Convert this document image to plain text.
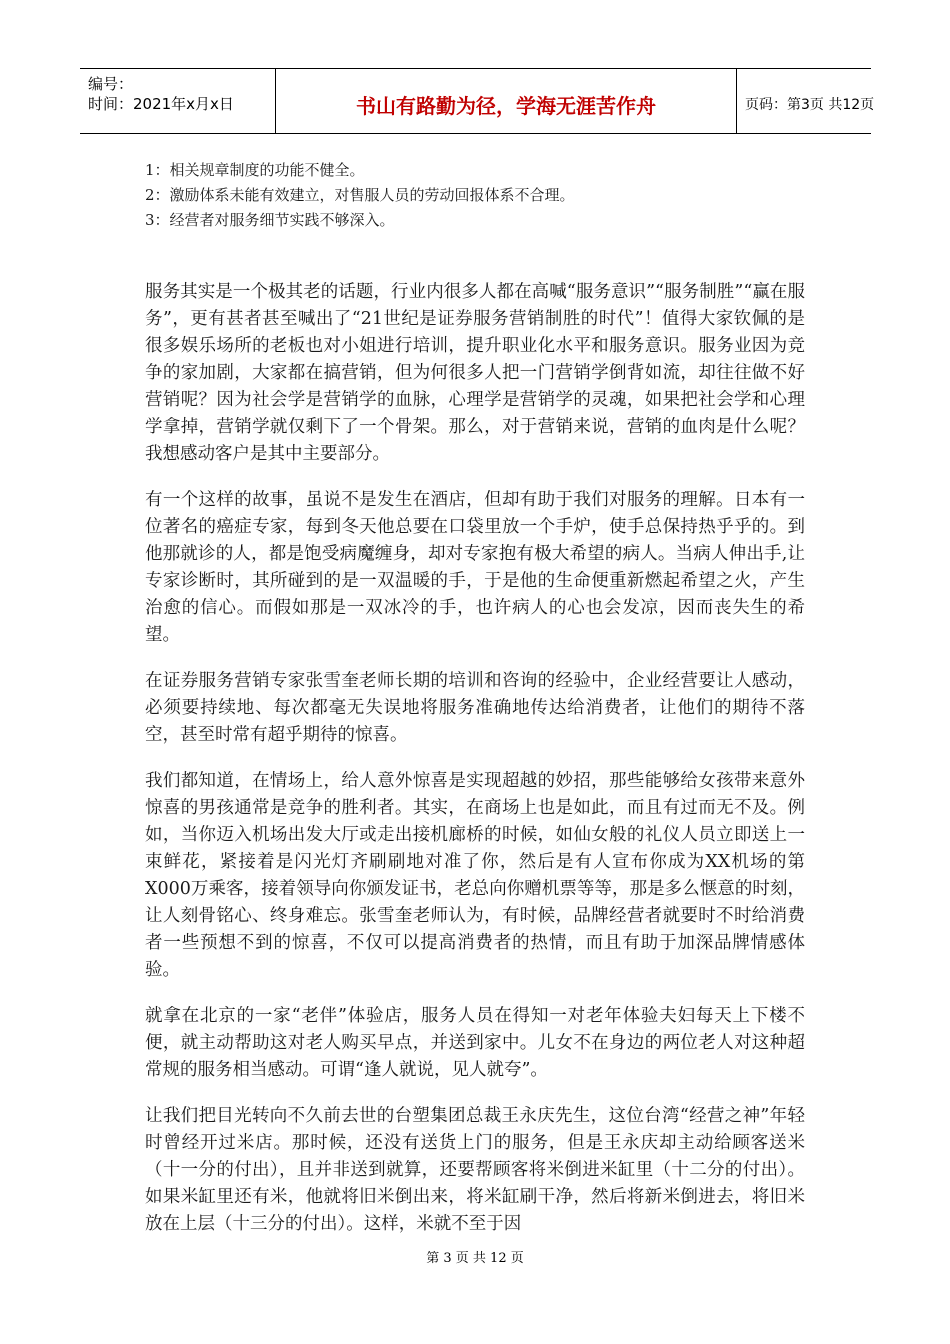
编号：
时间：2021年x月x日	书山有路勤为径，学海无涯苦作舟	页码：第3页 共12页
1：相关规章制度的功能不健全。
2：激励体系未能有效建立，对售服人员的劳动回报体系不合理。
3：经营者对服务细节实践不够深入。

服务其实是一个极其老的话题，行业内很多人都在高喊“服务意识”“服务制胜”“赢在服务”，更有甚者甚至喊出了“21世纪是证券服务营销制胜的时代”！值得大家钦佩的是很多娱乐场所的老板也对小姐进行培训，提升职业化水平和服务意识。服务业因为竞争的家加剧，大家都在搞营销，但为何很多人把一门营销学倒背如流，却往往做不好营销呢？因为社会学是营销学的血脉，心理学是营销学的灵魂，如果把社会学和心理学拿掉，营销学就仅剩下了一个骨架。那么，对于营销来说，营销的血肉是什么呢？我想感动客户是其中主要部分。

有一个这样的故事，虽说不是发生在酒店，但却有助于我们对服务的理解。日本有一位著名的癌症专家，每到冬天他总要在口袋里放一个手炉，使手总保持热乎乎的。到他那就诊的人，都是饱受病魔缠身，却对专家抱有极大希望的病人。当病人伸出手,让专家诊断时，其所碰到的是一双温暖的手，于是他的生命便重新燃起希望之火，产生治愈的信心。而假如那是一双冰冷的手，也许病人的心也会发凉，因而丧失生的希望。

在证券服务营销专家张雪奎老师长期的培训和咨询的经验中，企业经营要让人感动，必须要持续地、每次都毫无失误地将服务准确地传达给消费者，让他们的期待不落空，甚至时常有超乎期待的惊喜。

我们都知道，在情场上，给人意外惊喜是实现超越的妙招，那些能够给女孩带来意外惊喜的男孩通常是竞争的胜利者。其实，在商场上也是如此，而且有过而无不及。例如，当你迈入机场出发大厅或走出接机廊桥的时候，如仙女般的礼仪人员立即送上一束鲜花，紧接着是闪光灯齐刷刷地对准了你，然后是有人宣布你成为XX机场的第X000万乘客，接着领导向你颁发证书，老总向你赠机票等等，那是多么惬意的时刻，让人刻骨铭心、终身难忘。张雪奎老师认为，有时候，品牌经营者就要时不时给消费者一些预想不到的惊喜，不仅可以提高消费者的热情，而且有助于加深品牌情感体验。

就拿在北京的一家“老伴”体验店，服务人员在得知一对老年体验夫妇每天上下楼不便，就主动帮助这对老人购买早点，并送到家中。儿女不在身边的两位老人对这种超常规的服务相当感动。可谓“逢人就说，见人就夸”。

让我们把目光转向不久前去世的台塑集团总裁王永庆先生，这位台湾“经营之神”年轻时曾经开过米店。那时候，还没有送货上门的服务，但是王永庆却主动给顾客送米（十一分的付出），且并非送到就算，还要帮顾客将米倒进米缸里（十二分的付出）。如果米缸里还有米，他就将旧米倒出来，将米缸刷干净，然后将新米倒进去，将旧米放在上层（十三分的付出）。这样，米就不至于因

第 3 页 共 12 页
